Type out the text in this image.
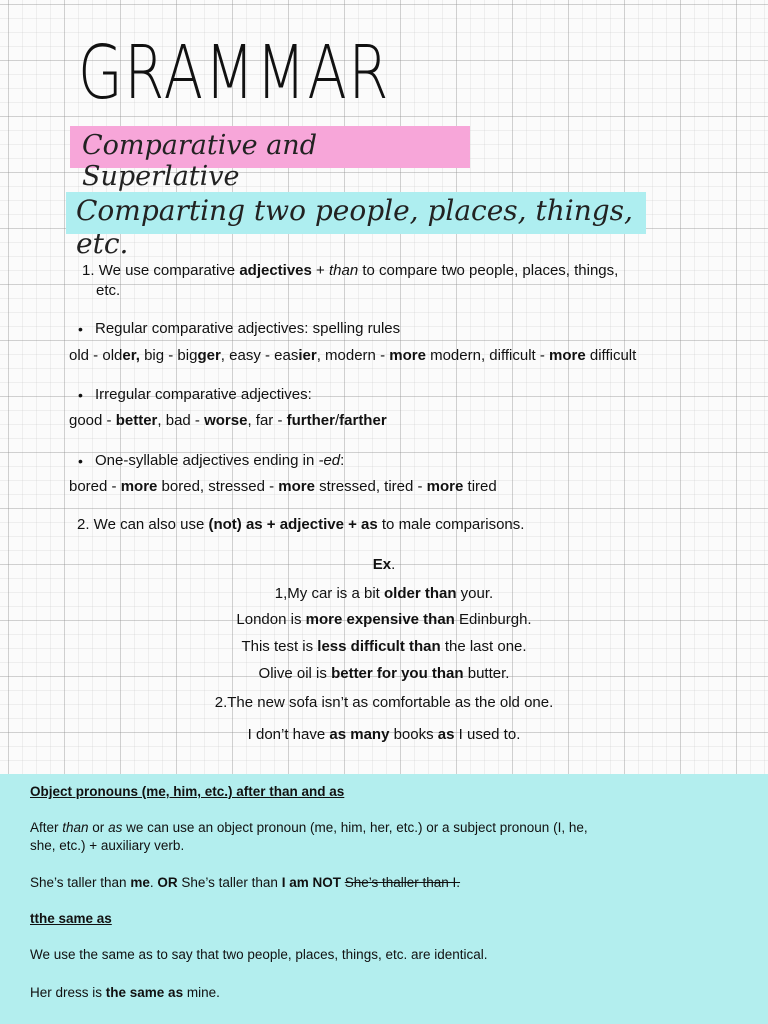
GRAMMAR
Comparative and Superlative
Comparting two people, places, things, etc.
1. We use comparative adjectives + than to compare two people, places, things,
etc.
• Regular comparative adjectives: spelling rules
old - older, big - bigger, easy - easier, modern - more modern, difficult - more difficult
• Irregular comparative adjectives:
good - better, bad - worse, far - further/farther
• One-syllable adjectives ending in -ed:
bored - more bored, stressed - more stressed, tired - more tired
2. We can also use (not) as + adjective + as to male comparisons.
Ex.
1,My car is a bit older than your.
London is more expensive than Edinburgh.
This test is less difficult than the last one.
Olive oil is better for you than butter.
2.The new sofa isn’t as comfortable as the old one.
I don’t have as many books as I used to.
Object pronouns (me, him, etc.) after than and as
After than or as we can use an object pronoun (me, him, her, etc.) or a subject pronoun (I, he, she, etc.) + auxiliary verb.
She’s taller than me. OR She’s taller than I am NOT She’s thaller than I.
tthe same as
We use the same as to say that two people, places, things, etc. are identical.
Her dress is the same as mine.
